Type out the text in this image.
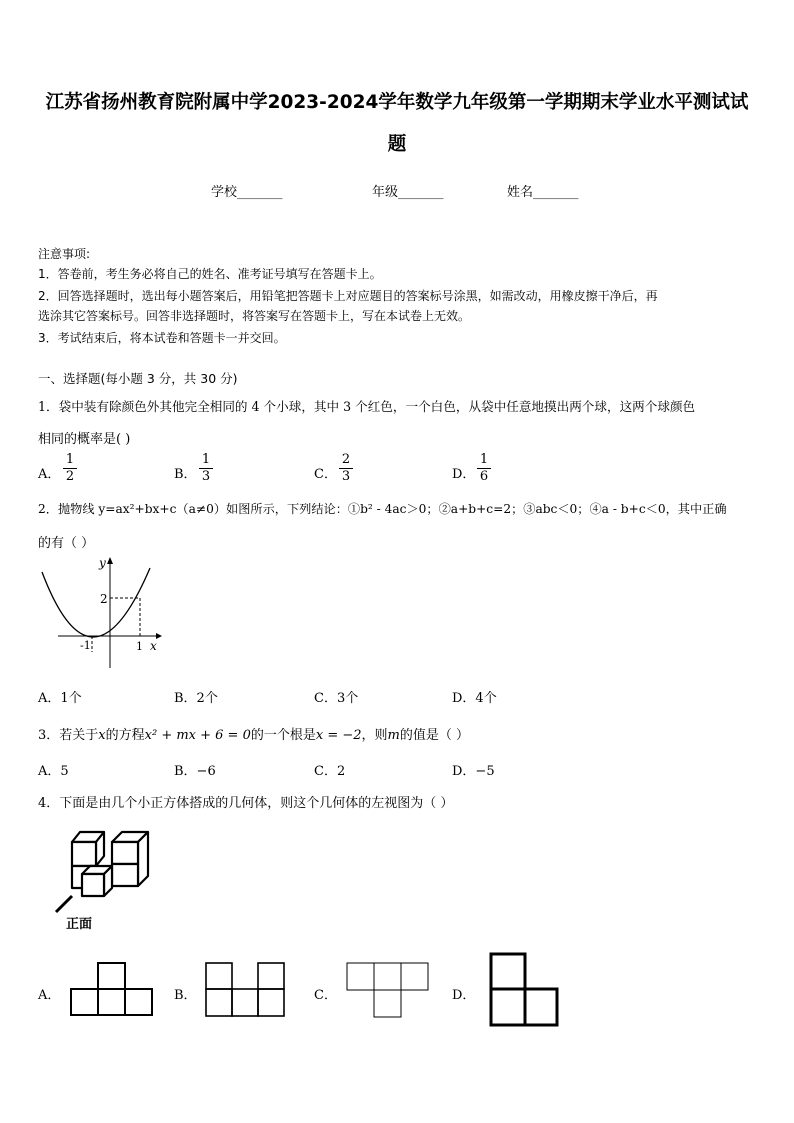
江苏省扬州教育院附属中学2023-2024学年数学九年级第一学期期末学业水平测试试
题
学校_______	年级_______	姓名_______
注意事项:
1．答卷前，考生务必将自己的姓名、准考证号填写在答题卡上。
2．回答选择题时，选出每小题答案后，用铅笔把答题卡上对应题目的答案标号涂黑，如需改动，用橡皮擦干净后，再
选涂其它答案标号。回答非选择题时，将答案写在答题卡上，写在本试卷上无效。
3．考试结束后，将本试卷和答题卡一并交回。
一、选择题(每小题 3 分，共 30 分)
1．袋中装有除颜色外其他完全相同的 4 个小球，其中 3 个红色，一个白色，从袋中任意地摸出两个球，这两个球颜色
相同的概率是( )
A． $\frac{1}{2}$	B． $\frac{1}{3}$	C． $\frac{2}{3}$	D． $\frac{1}{6}$
2．抛物线 y=ax²+bx+c（a≠0）如图所示，下列结论：①b² - 4ac＞0；②a+b+c=2；③abc＜0；④a - b+c＜0，其中正确
的有（ ）
y
2
-1	1 x
A．1个	B．2个	C．3个	D．4个
3．若关于x的方程x² + mx + 6 = 0的一个根是x = −2，则m的值是（ ）
A．5	B．−6	C．2	D．−5
4．下面是由几个小正方体搭成的几何体，则这个几何体的左视图为（ ）
正面
A．	B．	C．	D．
